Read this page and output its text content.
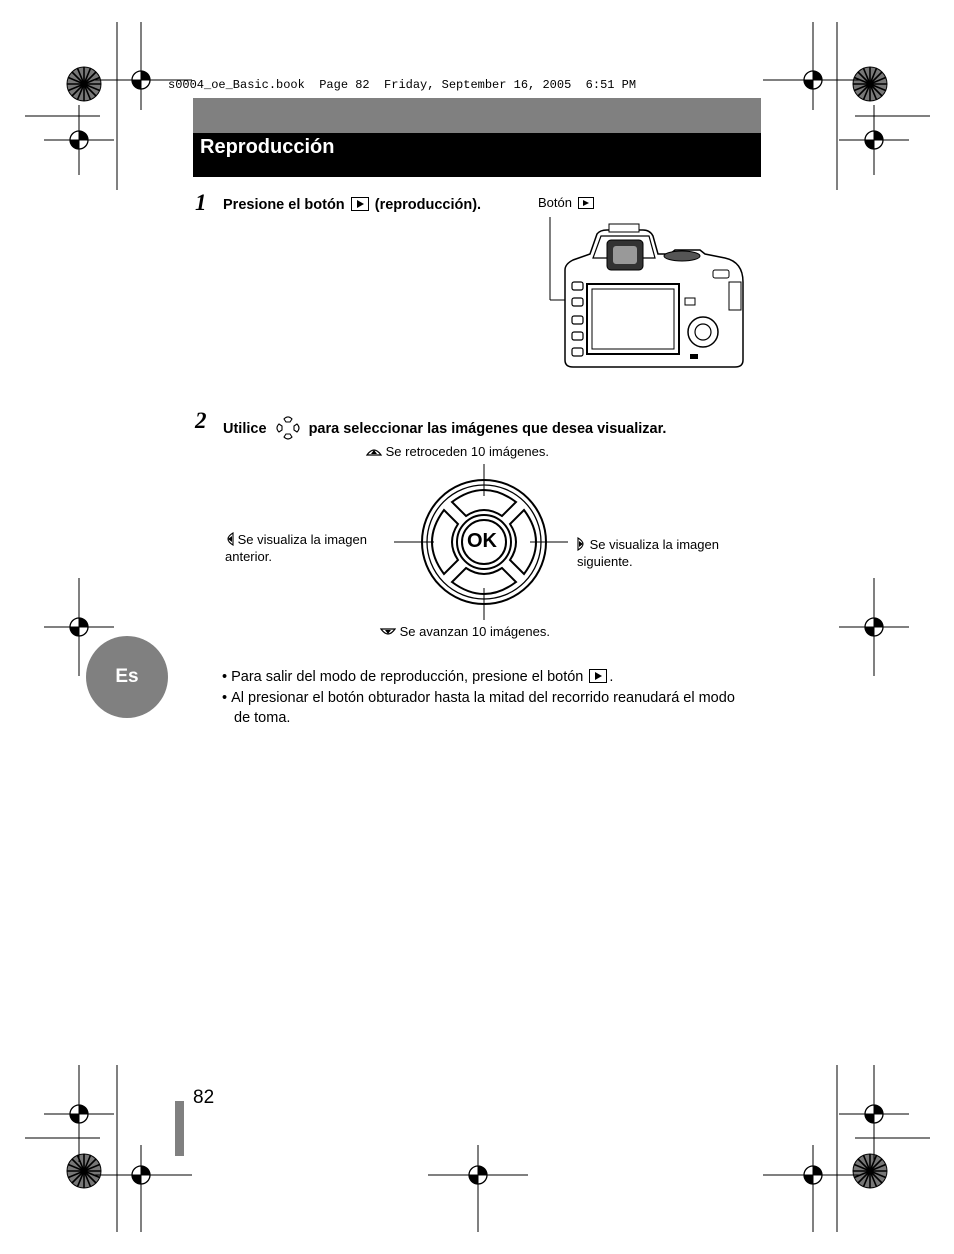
s0004_oe_Basic.book  Page 82  Friday, September 16, 2005  6:51 PM
Reproducción
1 Presione el botón (reproducción).	Botón
2 Utilice	para seleccionar las imágenes que desea visualizar.
OK
Se retroceden 10 imágenes.
Se avanzan 10 imágenes.
Se visualiza la imagen
anterior.
Se visualiza la imagen
siguiente.
Es	• Para salir del modo de reproducción, presione el botón .
• Al presionar el botón obturador hasta la mitad del recorrido reanudará el modo de toma.
82
